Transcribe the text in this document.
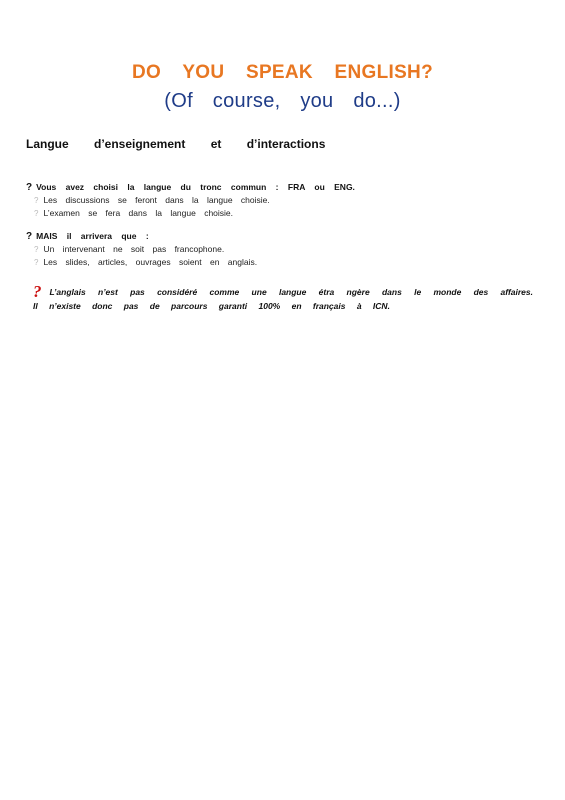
DO YOU SPEAK ENGLISH?
(Of course, you do...)
Langue d’enseignement et d’interactions
? Vous avez choisi la langue du tronc commun : FRA ou ENG.
? Les discussions se feront dans la langue choisie.
? L’examen se fera dans la langue choisie.
? MAIS il arrivera que :
? Un intervenant ne soit pas francophone.
? Les slides, articles, ouvrages soient en anglais.
? L’anglais n’est pas considéré comme une langue étra ngère dans le monde des affaires. Il n’existe donc pas de parcours garanti 100% en français à ICN.
